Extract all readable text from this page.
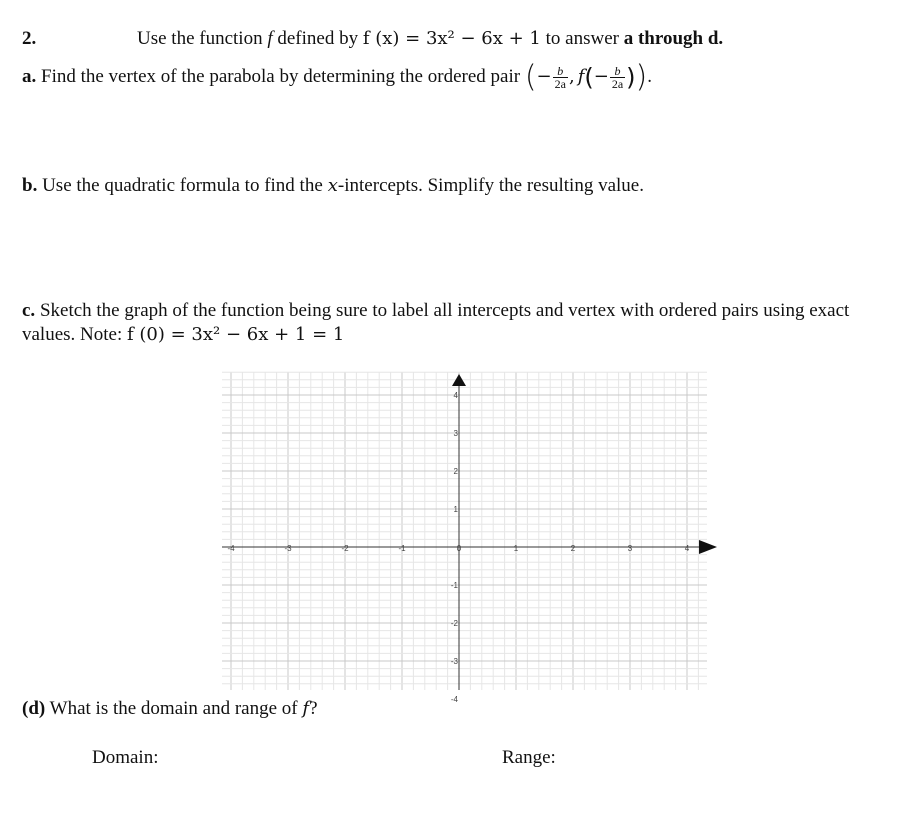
2.	Use the function f defined by f (x) = 3x² − 6x + 1 to answer a through d.
a. Find the vertex of the parabola by determining the ordered pair (− $\frac{b}{2a}$ , $f(- \frac{b}{2a}$ )).
b. Use the quadratic formula to find the x-intercepts. Simplify the resulting value.
c. Sketch the graph of the function being sure to label all intercepts and vertex with ordered pairs using exact
values. Note: f (0) = 3x² − 6x + 1 = 1
-4	-3	-2	-1	0	1	2	3	4
4
3
2
1
-1
-2
-3
-4
(d) What is the domain and range of f?
Domain:	Range:
